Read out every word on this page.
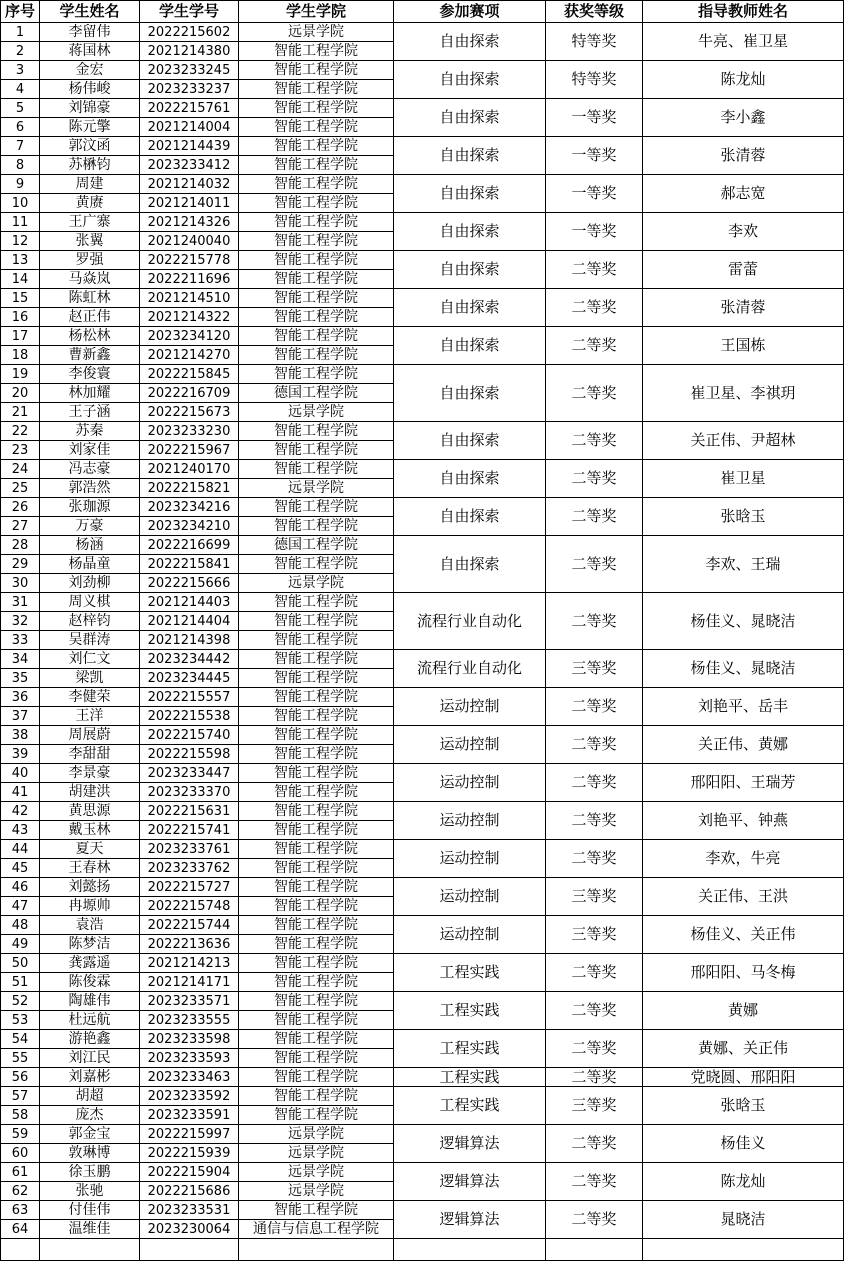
序号	学生姓名	学生学号	学生学院	参加赛项	获奖等级	指导教师姓名
1	李留伟	2022215602	远景学院	自由探索	特等奖	牛亮、崔卫星
2	蒋国林	2021214380	智能工程学院			
3	金宏	2023233245	智能工程学院	自由探索	特等奖	陈龙灿
4	杨伟峻	2023233237	智能工程学院			
5	刘锦豪	2022215761	智能工程学院	自由探索	一等奖	李小鑫
6	陈元擎	2021214004	智能工程学院			
7	郭汶函	2021214439	智能工程学院	自由探索	一等奖	张清蓉
8	苏楙钧	2023233412	智能工程学院			
9	周建	2021214032	智能工程学院	自由探索	一等奖	郝志宽
10	黄赓	2021214011	智能工程学院			
11	王广寨	2021214326	智能工程学院	自由探索	一等奖	李欢
12	张翼	2021240040	智能工程学院			
13	罗强	2022215778	智能工程学院	自由探索	二等奖	雷蕾
14	马焱岚	2022211696	智能工程学院			
15	陈虹林	2021214510	智能工程学院	自由探索	二等奖	张清蓉
16	赵正伟	2021214322	智能工程学院			
17	杨松林	2023234120	智能工程学院	自由探索	二等奖	王国栋
18	曹新鑫	2021214270	智能工程学院			
19	李俊寰	2022215845	智能工程学院	自由探索	二等奖	崔卫星、李祺玥
20	林加耀	2022216709	德国工程学院			
21	王子涵	2022215673	远景学院			
22	苏秦	2023233230	智能工程学院	自由探索	二等奖	关正伟、尹超林
23	刘家佳	2022215967	智能工程学院			
24	冯志豪	2021240170	智能工程学院	自由探索	二等奖	崔卫星
25	郭浩然	2022215821	远景学院			
26	张珈源	2023234216	智能工程学院	自由探索	二等奖	张晗玉
27	万豪	2023234210	智能工程学院			
28	杨涵	2022216699	德国工程学院	自由探索	二等奖	李欢、王瑞
29	杨晶童	2022215841	智能工程学院			
30	刘劲柳	2022215666	远景学院			
31	周义棋	2021214403	智能工程学院	流程行业自动化	二等奖	杨佳义、晁晓洁
32	赵梓钧	2021214404	智能工程学院			
33	吴群涛	2021214398	智能工程学院			
34	刘仁文	2023234442	智能工程学院	流程行业自动化	三等奖	杨佳义、晁晓洁
35	梁凯	2023234445	智能工程学院			
36	李健荣	2022215557	智能工程学院	运动控制	二等奖	刘艳平、岳丰
37	王洋	2022215538	智能工程学院			
38	周展蔚	2022215740	智能工程学院	运动控制	二等奖	关正伟、黄娜
39	李甜甜	2022215598	智能工程学院			
40	李景豪	2023233447	智能工程学院	运动控制	二等奖	邢阳阳、王瑞芳
41	胡建洪	2023233370	智能工程学院			
42	黄思源	2022215631	智能工程学院	运动控制	二等奖	刘艳平、钟燕
43	戴玉林	2022215741	智能工程学院			
44	夏天	2023233761	智能工程学院	运动控制	二等奖	李欢，牛亮
45	王春林	2023233762	智能工程学院			
46	刘懿扬	2022215727	智能工程学院	运动控制	三等奖	关正伟、王洪
47	冉塬帅	2022215748	智能工程学院			
48	袁浩	2022215744	智能工程学院	运动控制	三等奖	杨佳义、关正伟
49	陈梦洁	2022213636	智能工程学院			
50	龚露遥	2021214213	智能工程学院	工程实践	二等奖	邢阳阳、马冬梅
51	陈俊霖	2021214171	智能工程学院			
52	陶雄伟	2023233571	智能工程学院	工程实践	二等奖	黄娜
53	杜远航	2023233555	智能工程学院			
54	游艳鑫	2023233598	智能工程学院	工程实践	二等奖	黄娜、关正伟
55	刘江民	2023233593	智能工程学院			
56	刘嘉彬	2023233463	智能工程学院	工程实践	二等奖	党晓圆、邢阳阳
57	胡超	2023233592	智能工程学院	工程实践	三等奖	张晗玉
58	庞杰	2023233591	智能工程学院			
59	郭金宝	2022215997	远景学院	逻辑算法	二等奖	杨佳义
60	敦琳博	2022215939	远景学院			
61	徐玉鹏	2022215904	远景学院	逻辑算法	二等奖	陈龙灿
62	张驰	2022215686	远景学院			
63	付佳伟	2023233531	智能工程学院	逻辑算法	二等奖	晁晓洁
64	温维佳	2023230064	通信与信息工程学院			
